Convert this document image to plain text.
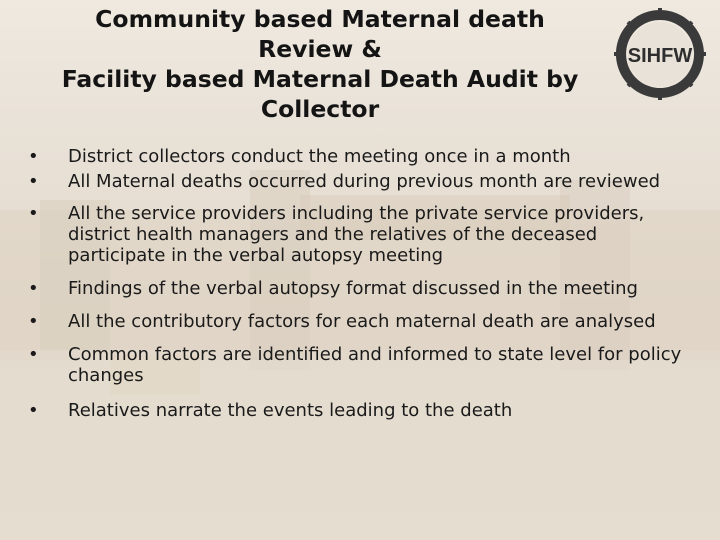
Community based Maternal death
Review &
Facility based Maternal Death Audit by
Collector
SIHFW
• District collectors conduct the meeting once in a month
• All Maternal deaths occurred during previous month are reviewed
• All the service providers including the private service providers, district health managers and the relatives of the deceased participate in the verbal autopsy meeting
• Findings of the verbal autopsy format discussed in the meeting
• All the contributory factors for each maternal death are analysed
• Common factors are identified and informed to state level for policy changes
• Relatives narrate the events leading to the death
